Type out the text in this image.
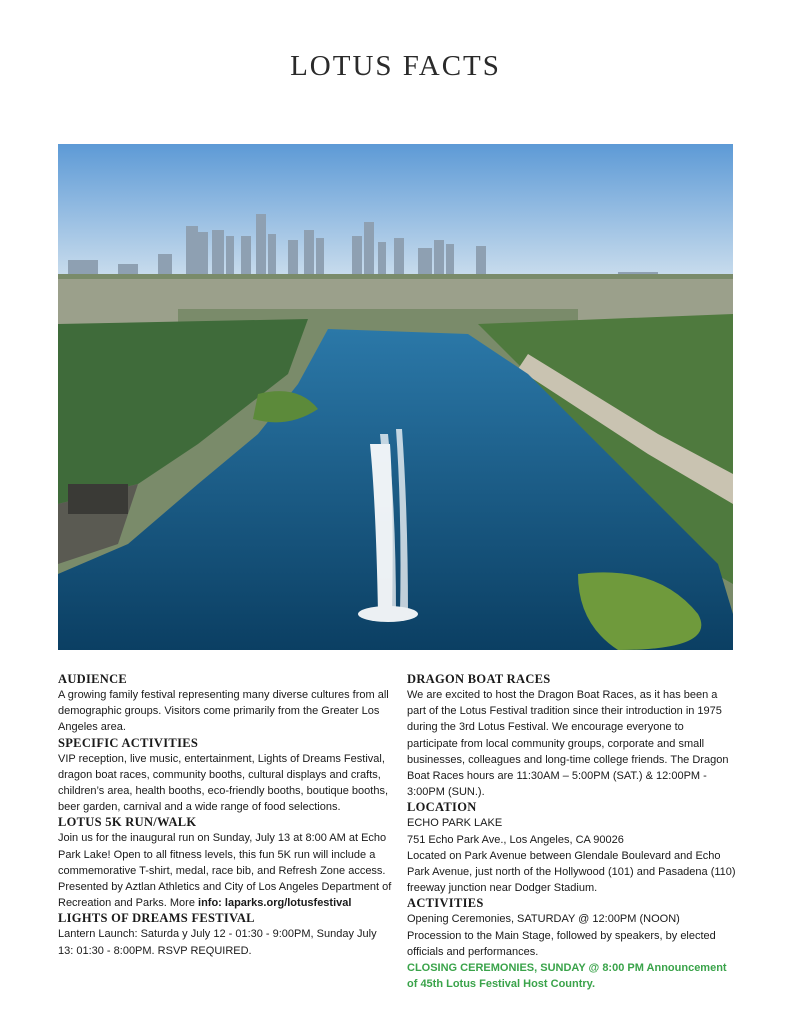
LOTUS FACTS
AUDIENCE

A growing family festival representing many diverse cultures from all demographic groups. Visitors come primarily from the Greater Los Angeles area.

SPECIFIC ACTIVITIES

VIP reception, live music, entertainment, Lights of Dreams Festival, dragon boat races, community booths, cultural displays and crafts, children’s area, health booths, eco-friendly booths, boutique booths, beer garden, carnival and a wide range of food selections.

LOTUS 5K RUN/WALK

Join us for the inaugural run on Sunday, July 13 at 8:00 AM at Echo Park Lake! Open to all fitness levels, this fun 5K run will include a commemorative T-shirt, medal, race bib, and Refresh Zone access. Presented by Aztlan Athletics and City of Los Angeles Department of Recreation and Parks. More info: laparks.org/lotusfestival

LIGHTS OF DREAMS FESTIVAL

Lantern Launch: Saturda y July 12 - 01:30 - 9:00PM, Sunday July 13: 01:30 - 8:00PM. RSVP REQUIRED.

DRAGON BOAT RACES

We are excited to host the Dragon Boat Races, as it has been a part of the Lotus Festival tradition since their introduction in 1975 during the 3rd Lotus Festival. We encourage everyone to participate from local community groups, corporate and small businesses, colleagues and long-time college friends. The Dragon Boat Races hours are 11:30AM – 5:00PM (SAT.) & 12:00PM - 3:00PM (SUN.).

LOCATION

ECHO PARK LAKE

751 Echo Park Ave., Los Angeles, CA 90026

Located on Park Avenue between Glendale Boulevard and Echo Park Avenue, just north of the Hollywood (101) and Pasadena (110) freeway junction near Dodger Stadium.

ACTIVITIES

Opening Ceremonies, SATURDAY @ 12:00PM (NOON) Procession to the Main Stage, followed by speakers, by elected officials and performances.

CLOSING CEREMONIES, SUNDAY @ 8:00 PM Announcement of 45th Lotus Festival Host Country.
